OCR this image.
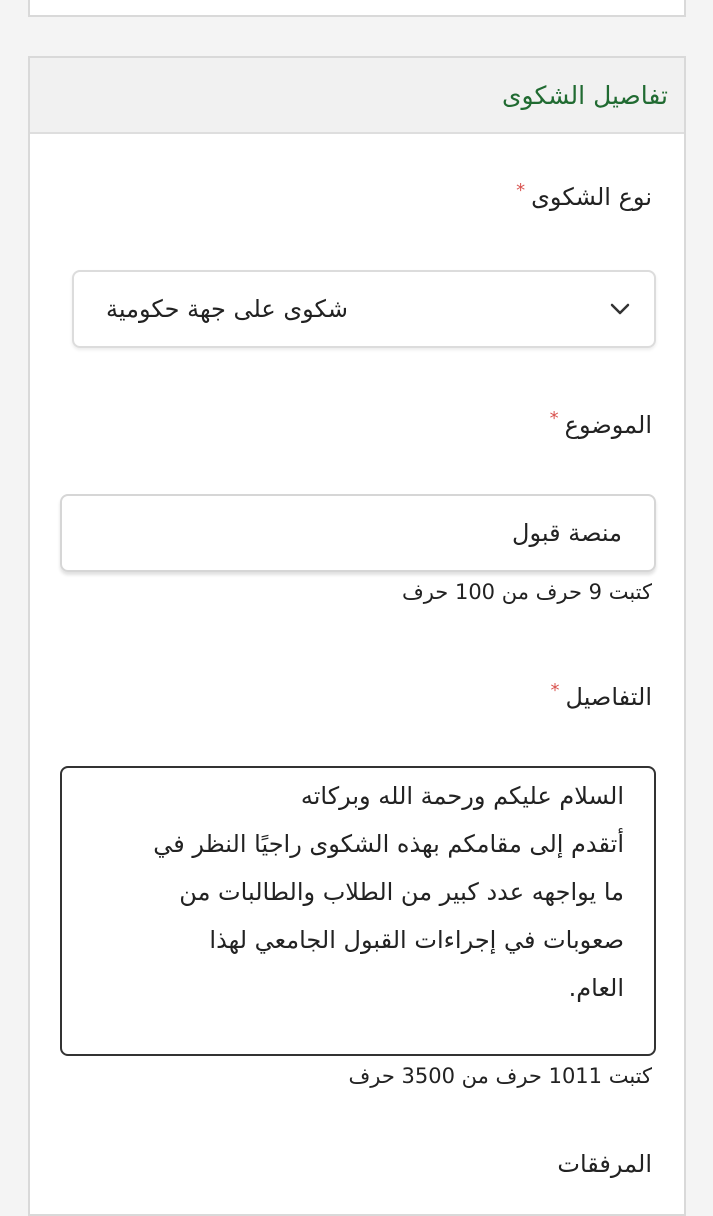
تفاصيل الشكوى
نوع الشكوى*
شكوى على جهة حكومية
الموضوع*
منصة قبول
كتبت 9 حرف من 100 حرف
التفاصيل*
السلام عليكم ورحمة الله وبركاته
أتقدم إلى مقامكم بهذه الشكوى راجيًا النظر في
ما يواجهه عدد كبير من الطلاب والطالبات من
صعوبات في إجراءات القبول الجامعي لهذا
العام.
كتبت 1011 حرف من 3500 حرف
المرفقات
